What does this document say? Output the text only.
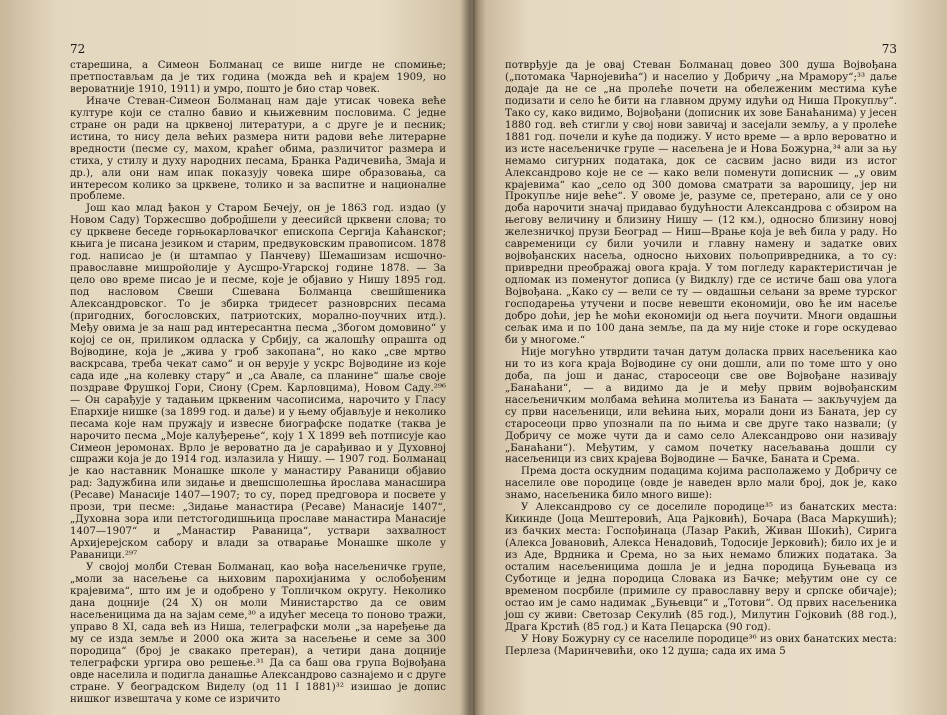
72

старешина, а Симеон Болманац се више нигде не спомиње; претпостављам да је тих година (можда већ и крајем 1909, но вероватније 1910, 1911) и умро, пошто је био стар човек.

Иначе Стеван-Симеон Болманац нам даје утисак човека веће културе који се стално бавио и књижевним пословима. С једне стране он ради на црквеној литератури, а с друге је и песник; истина, то нису дела већих размера нити радови веће литерарне вредности (песме су, махом, краћег обима, различитог размера и стиха, у стилу и духу народних песама, Бранка Радичевића, Змаја и др.), али они нам ипак показују човека шире образовања, са интересом колико за црквене, толико и за васпитне и националне проблеме.

Још као млад ђакон у Старом Бечеју, он је 1863 год. издао (у Новом Саду) Торжесшво доброд̄шели у деесийсй црквени слова; то су црквене беседе горњокарловачког епископа Сергија Каћанског; књига је писана језиком и старим, предвуковским правописом. 1878 год. написао је (и штампао у Панчеву) Шемашизам исшочно-православне мишройолије у Аусшро-Угарској године 1878. — За цело ово време писао је и песме, које је објавио у Нишу 1895 год. под насловом Свеши Сшевана Болманца свешйшеника Александровског. То је збирка тридесет разноврсних песама (пригодних, богословских, патриотских, морално-поучних итд.). Међу овима је за наш рад интересантна песма „Збогом домовино“ у којој се он, приликом одласка у Србију, са жалошћу опрашта од Војводине, која је „жива у гроб закопана“, но како „све мртво васкрсава, треба чекат само“ и он верује у ускрс Војводине из које сада иде „на колевку стару“ и „са Авале, са планине“ шаље своје поздраве Фрушкој Гори, Сиону (Срем. Карловцима), Новом Саду.²⁹⁶ — Он сарађује у тадањим црквеним часописима, нарочито у Гласу Епархије нишке (за 1899 год. и даље) и у њему објављује и неколико песама које нам пружају и извесне биографске податке (таква је нарочито песма „Моје калуђерење“, коју 1 X 1899 већ потписује као Симеон јеромонах. Врло је вероватно да је сарађивао и у Духовној сшражи која је до 1914 год. излазила у Нишу. — 1907 год. Болманац је као наставник Монашке школе у манастиру Раваници објавио рад: Задужбина или зидање и двешсшолешња йрослава манасшира (Ресаве) Манасије 1407—1907; то су, поред предговора и посвете у прози, три песме: „Зидање манастира (Ресаве) Манасије 1407“, „Духовна зора или петстогодишњица прославе манастира Манасије 1407—1907“ и „Манастир Раваница“, уствари захвалност Архијерејском сабору и влади за отварање Монашке школе у Раваници.²⁹⁷

У својој молби Стеван Болманац, као вођа насељеничке групе, „моли за насељење са њиховим парохијанима у ослобођеним крајевима“, што им је и одобрено у Топличком округу. Неколико дана доцније (24 X) он моли Министарство да се овим насељеницима да на зајам семе,³⁰ а идућег месеца то поново тражи, управо 8 XI, сада већ из Ниша, телеграфски моли „за наређење да му се изда земље и 2000 ока жита за насељење и семе за 300 породица“ (број је свакако претеран), а четири дана доцније телеграфски ургира ово решење.³¹ Да са баш ова група Војвођана овде населила и подигла данашње Александрово сазнајемо и с друге стране. У београдском Виделу (од 11 I 1881)³² изишао је допис нишког извештача у коме се изричито

73

потврђује да је овај Стеван Болманац довео 300 душа Војвођана („потомака Чарнојевића“) и населио у Добричу „на Мрамору“;³³ даље додаје да не се „на пролеће почети на обележеним местима куће подизати и село ће бити на главном друму идући од Ниша Прокупљу“. Тако су, како видимо, Војвођани (дописник их зове Банаћанима) у јесен 1880 год. већ стигли у свој нови завичај и засејали земљу, а у пролеће 1881 год. почели и куће да подижу. У исто време — а врло вероватно и из исте насељеничке групе — насељена је и Нова Божурна,³⁴ али за њу немамо сигурних података, док се сасвим јасно види из истог Александрово које не се — како вели поменути дописник — „у овим крајевима“ као „село од 300 домова сматрати за варошицу, јер ни Прокупље није веће“. У овоме је, разуме се, претерано, али се у оно доба нарочити значај придавао будућности Александрова с обзиром на његову величину и близину Нишу — (12 км.), односно близину новој железничкој прузи Београд — Ниш—Врање која је већ била у раду. Но савременици су били уочили и главну намену и задатке ових војвођанских насеља, односно њихових пољопривредника, а то су: привредни преображај овога краја. У том погледу карактеристичан је одломак из поменутог дописа (у Видклу) где се истиче баш ова улога Војвођана. „Како су — вели се ту — овдашњи сељани за време турског господарења утучени и посве невешти економији, ово ће им насеље добро доћи, јер ће моћи економији од њега поучити. Многи овдашњи сељак има и по 100 дана земље, па да му није стоке и горе оскудевао би у многоме.“

Није могућно утврдити тачан датум доласка првих насељеника као ни то из кога краја Војводине су они дошли, али по томе што у оно доба, па још и данас, старосеоци све ове Војвођане називају „Банаћани“, — а видимо да је и међу првим војвођанским насељеничким молбама већина молитеља из Баната — закључујем да су први насељеници, или већина њих, морали дони из Баната, јер су старосеоци прво упознали па по њима и све друге тако назвали; (у Добричу се може чути да и само село Александрово они називају „Банаћани“). Међутим, у самом почетку насељавања дошли су насељеници из свих крајева Војводине — Бачке, Баната и Срема.

Према доста оскудним подацима којима располажемо у Добричу се населиле ове породице (овде је наведен врло мали број, док је, како знамо, насељеника било много више):

У Александрово су се доселиле породице³⁵ из банатских места: Кикинде (Јоца Мештеровић, Аца Рајковић), Бочара (Васа Маркушић); из бачких места: Госпођинаца (Лазар Ракић, Живан Шокић), Сирига (Алекса Јовановић, Алекса Ненадовић, Тодосије Јерковић); било их је и из Аде, Врдника и Срема, но за њих немамо ближих података. За осталим насељеницима дошла је и једна породица Буњеваца из Суботице и једна породица Словака из Бачке; међутим оне су се временом посрбиле (примиле су православну веру и српске обичаје); остао им је само надимак „Буњевци“ и „Тотови“. Од првих насељеника још су живи: Светозар Секулић (85 год.), Милутин Гојковић (88 год.), Драга Крстић (85 год.) и Ката Пецарска (90 год).

У Нову Божурну су се населиле породице³⁶ из ових банатских места: Перлеза (Маринчевићи, око 12 душа; сада их има 5
